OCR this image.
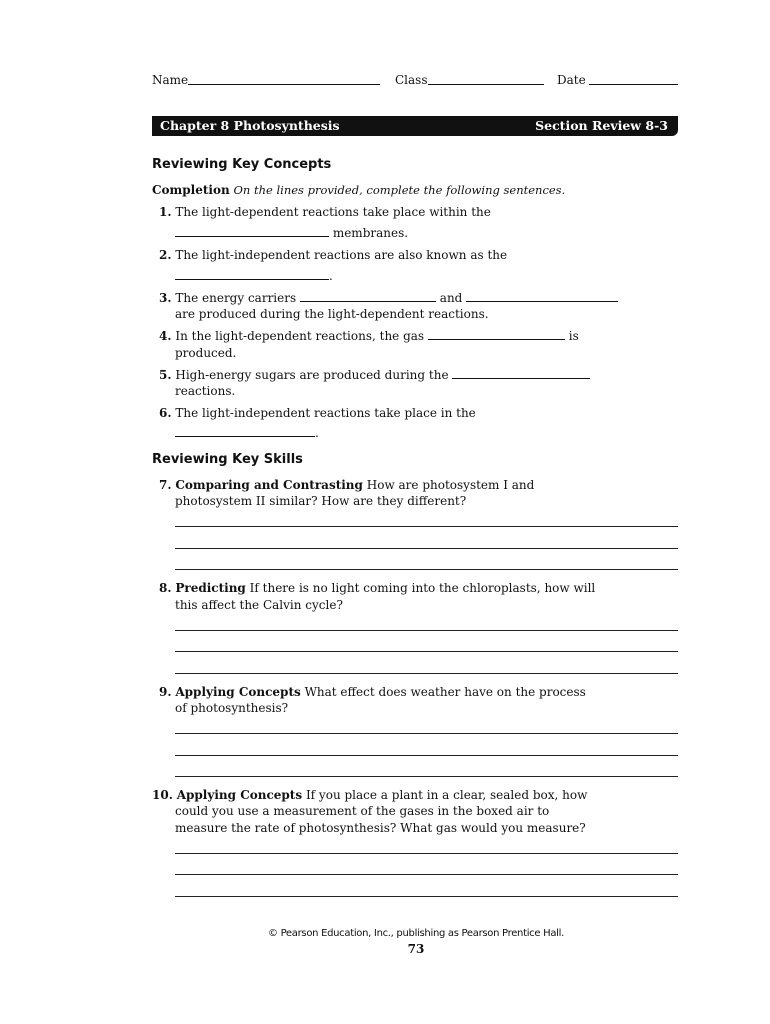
Name	Class	Date
Chapter 8 Photosynthesis	Section Review 8-3
Reviewing Key Concepts
Completion On the lines provided, complete the following sentences.
1. The light-dependent reactions take place within the
membranes.
2. The light-independent reactions are also known as the
.
3. The energy carriers	and
are produced during the light-dependent reactions.
4. In the light-dependent reactions, the gas	is
produced.
5. High-energy sugars are produced during the
reactions.
6. The light-independent reactions take place in the
.
Reviewing Key Skills
7. Comparing and Contrasting How are photosystem I and
photosystem II similar? How are they different?
8. Predicting If there is no light coming into the chloroplasts, how will
this affect the Calvin cycle?
9. Applying Concepts What effect does weather have on the process
of photosynthesis?
10. Applying Concepts If you place a plant in a clear, sealed box, how
could you use a measurement of the gases in the boxed air to
measure the rate of photosynthesis? What gas would you measure?
© Pearson Education, Inc., publishing as Pearson Prentice Hall.
73
